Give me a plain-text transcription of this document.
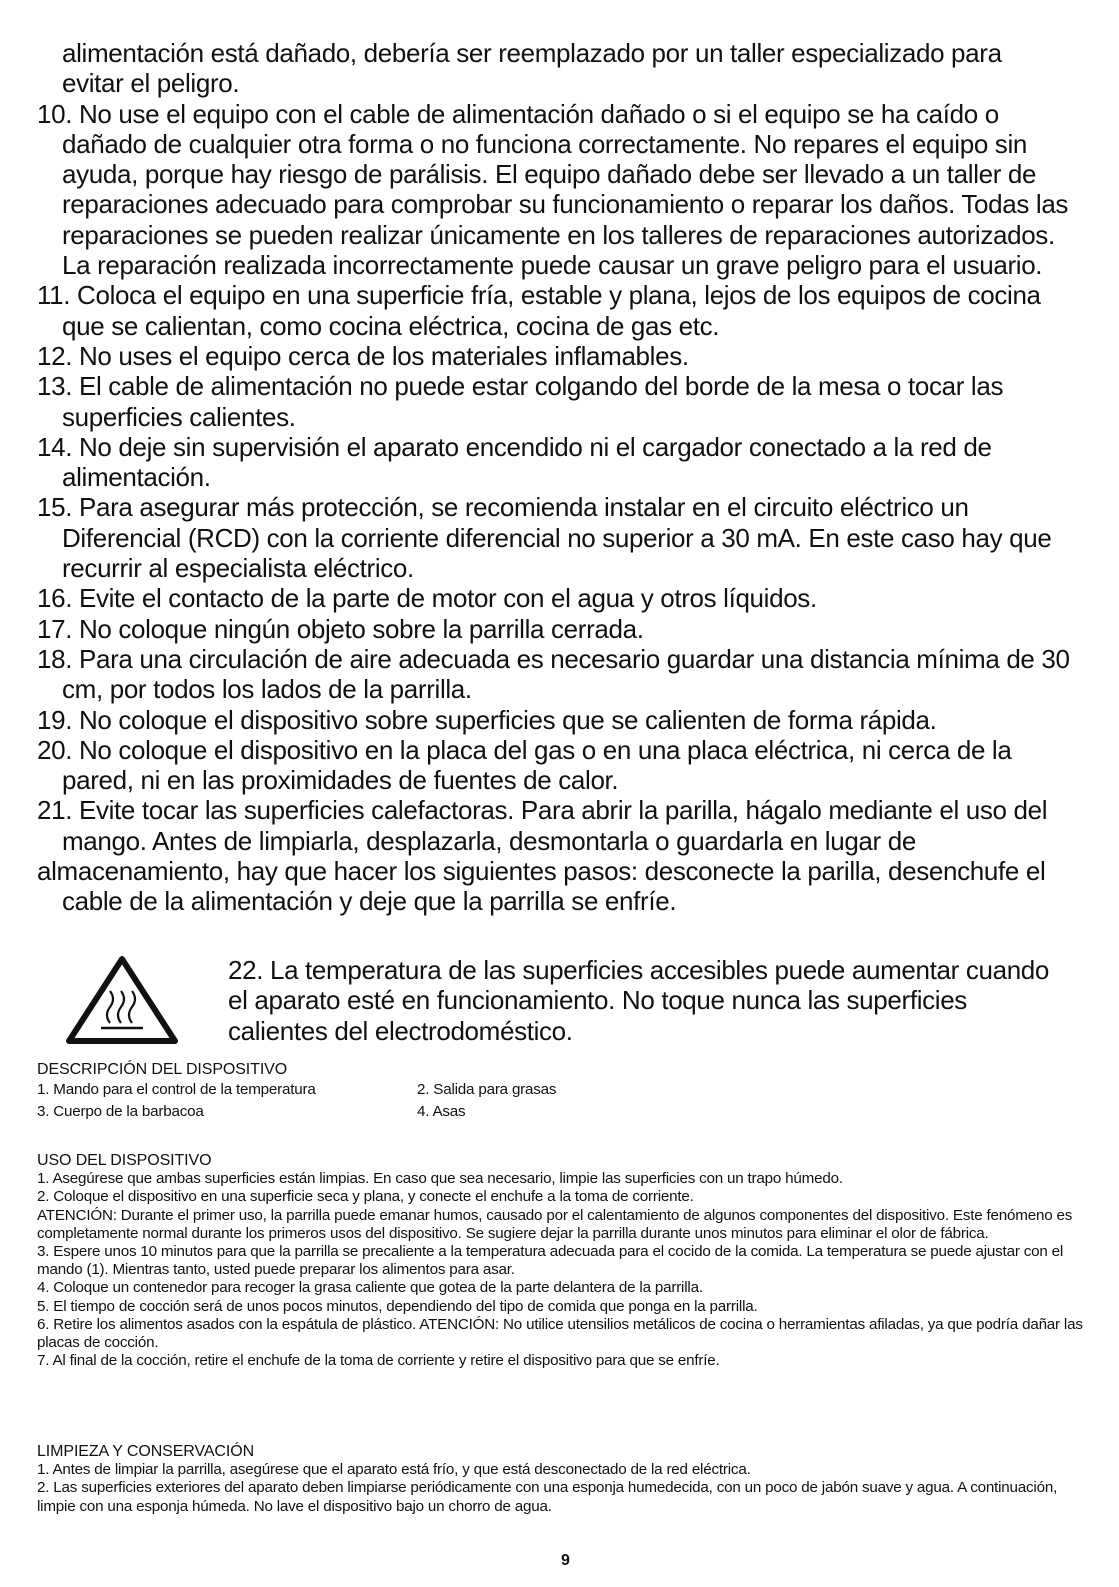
alimentación está dañado, debería ser reemplazado por un taller especializado para

evitar el peligro.

10. No use el equipo con el cable de alimentación dañado o si el equipo se ha caído o dañado de cualquier otra forma o no funciona correctamente. No repares el equipo sin ayuda, porque hay riesgo de parálisis. El equipo dañado debe ser llevado a un taller de reparaciones adecuado para comprobar su funcionamiento o reparar los daños. Todas las reparaciones se pueden realizar únicamente en los talleres de reparaciones autorizados. La reparación realizada incorrectamente puede causar un grave peligro para el usuario.

11. Coloca el equipo en una superficie fría, estable y plana, lejos de los equipos de cocina que se calientan, como cocina eléctrica, cocina de gas etc.

12. No uses el equipo cerca de los materiales inflamables.

13. El cable de alimentación no puede estar colgando del borde de la mesa o tocar las superficies calientes.

14. No deje sin supervisión el aparato encendido ni el cargador conectado a la red de alimentación.

15. Para asegurar más protección, se recomienda instalar en el circuito eléctrico un Diferencial (RCD) con la corriente diferencial no superior a 30 mA. En este caso hay que recurrir al especialista eléctrico.

16. Evite el contacto de la parte de motor con el agua y otros líquidos.

17. No coloque ningún objeto sobre la parrilla cerrada.

18. Para una circulación de aire adecuada es necesario guardar una distancia mínima de 30 cm, por todos los lados de la parrilla.

19. No coloque el dispositivo sobre superficies que se calienten de forma rápida.

20. No coloque el dispositivo en la placa del gas o en una placa eléctrica, ni cerca de la pared, ni en las proximidades de fuentes de calor.

21. Evite tocar las superficies calefactoras. Para abrir la parilla, hágalo mediante el uso del

mango. Antes de limpiarla, desplazarla, desmontarla o guardarla en lugar de

almacenamiento, hay que hacer los siguientes pasos: desconecte la parilla, desenchufe el

cable de la alimentación y deje que la parrilla se enfríe.

22. La temperatura de las superficies accesibles puede aumentar cuando

el aparato esté en funcionamiento. No toque nunca las superficies

calientes del electrodoméstico.

DESCRIPCIÓN DEL DISPOSITIVO

1. Mando para el control de la temperatura	2. Salida para grasas
3. Cuerpo de la barbacoa	4. Asas

USO DEL DISPOSITIVO

1. Asegúrese que ambas superficies están limpias. En caso que sea necesario, limpie las superficies con un trapo húmedo.

2. Coloque el dispositivo en una superficie seca y plana, y conecte el enchufe a la toma de corriente.

ATENCIÓN: Durante el primer uso, la parrilla puede emanar humos, causado por el calentamiento de algunos componentes del dispositivo. Este fenómeno es completamente normal durante los primeros usos del dispositivo. Se sugiere dejar la parrilla durante unos minutos para eliminar el olor de fábrica.

3. Espere unos 10 minutos para que la parrilla se precaliente a la temperatura adecuada para el cocido de la comida. La temperatura se puede ajustar con el mando (1). Mientras tanto, usted puede preparar los alimentos para asar.

4. Coloque un contenedor para recoger la grasa caliente que gotea de la parte delantera de la parrilla.

5. El tiempo de cocción será de unos pocos minutos, dependiendo del tipo de comida que ponga en la parrilla.

6. Retire los alimentos asados con la espátula de plástico. ATENCIÓN: No utilice utensilios metálicos de cocina o herramientas afiladas, ya que podría dañar las placas de cocción.

7. Al final de la cocción, retire el enchufe de la toma de corriente y retire el dispositivo para que se enfríe.

LIMPIEZA Y CONSERVACIÓN

1. Antes de limpiar la parrilla, asegúrese que el aparato está frío, y que está desconectado de la red eléctrica.

2. Las superficies exteriores del aparato deben limpiarse periódicamente con una esponja humedecida, con un poco de jabón suave y agua. A continuación, limpie con una esponja húmeda. No lave el dispositivo bajo un chorro de agua.

9
